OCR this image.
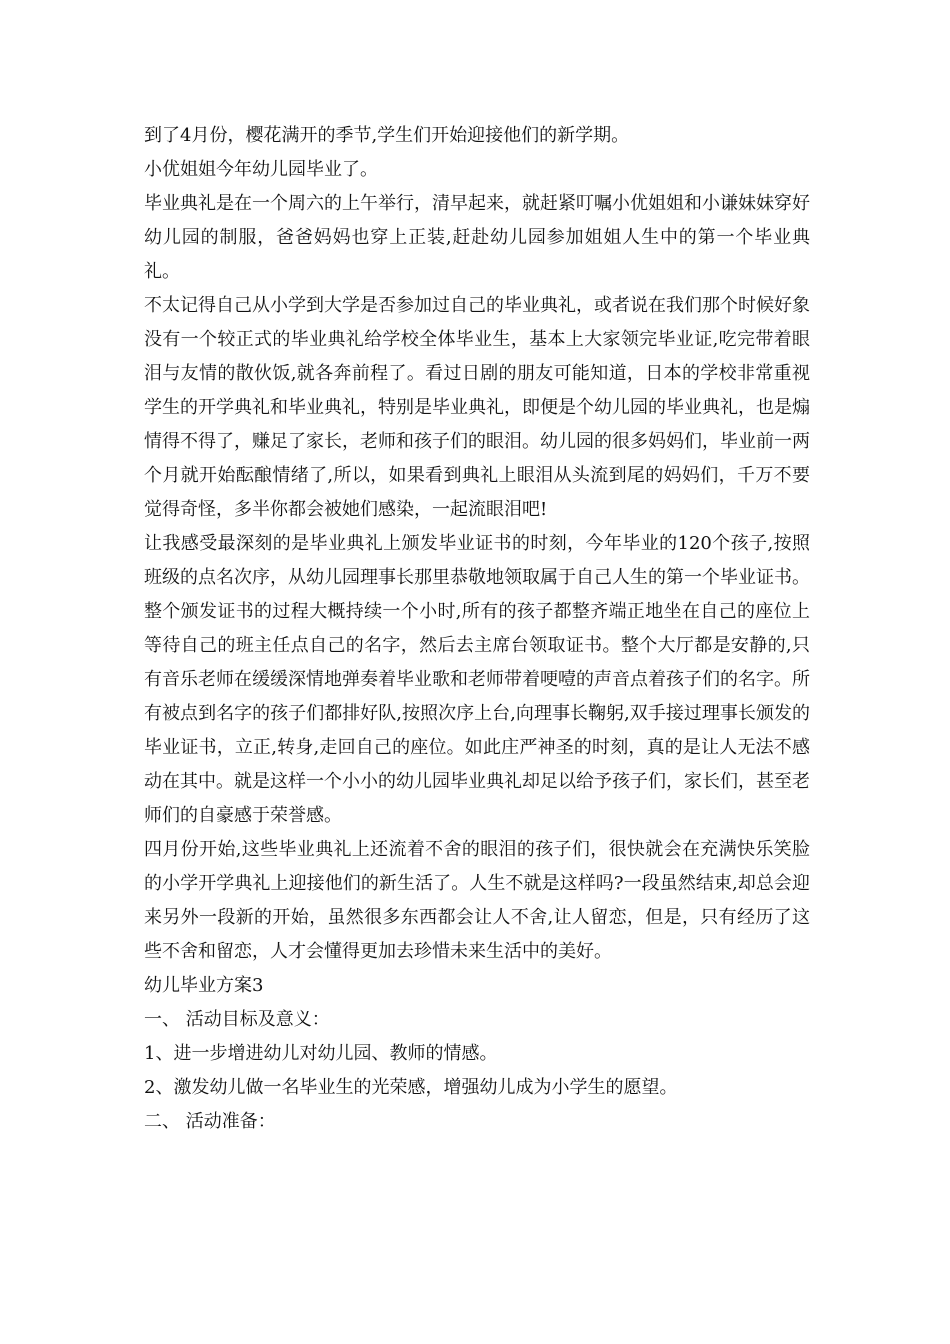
到了4月份，樱花满开的季节,学生们开始迎接他们的新学期。

小优姐姐今年幼儿园毕业了。

毕业典礼是在一个周六的上午举行，清早起来，就赶紧叮嘱小优姐姐和小谦妹妹穿好幼儿园的制服，爸爸妈妈也穿上正装,赶赴幼儿园参加姐姐人生中的第一个毕业典礼。

不太记得自己从小学到大学是否参加过自己的毕业典礼，或者说在我们那个时候好象没有一个较正式的毕业典礼给学校全体毕业生，基本上大家领完毕业证,吃完带着眼泪与友情的散伙饭,就各奔前程了。看过日剧的朋友可能知道，日本的学校非常重视学生的开学典礼和毕业典礼，特别是毕业典礼，即便是个幼儿园的毕业典礼，也是煽情得不得了，赚足了家长，老师和孩子们的眼泪。幼儿园的很多妈妈们，毕业前一两个月就开始酝酿情绪了,所以，如果看到典礼上眼泪从头流到尾的妈妈们，千万不要觉得奇怪，多半你都会被她们感染，一起流眼泪吧!

让我感受最深刻的是毕业典礼上颁发毕业证书的时刻，今年毕业的120个孩子,按照班级的点名次序，从幼儿园理事长那里恭敬地领取属于自己人生的第一个毕业证书。整个颁发证书的过程大概持续一个小时,所有的孩子都整齐端正地坐在自己的座位上等待自己的班主任点自己的名字，然后去主席台领取证书。整个大厅都是安静的,只有音乐老师在缓缓深情地弹奏着毕业歌和老师带着哽噎的声音点着孩子们的名字。所有被点到名字的孩子们都排好队,按照次序上台,向理事长鞠躬,双手接过理事长颁发的毕业证书，立正,转身,走回自己的座位。如此庄严神圣的时刻，真的是让人无法不感动在其中。就是这样一个小小的幼儿园毕业典礼却足以给予孩子们，家长们，甚至老师们的自豪感于荣誉感。

四月份开始,这些毕业典礼上还流着不舍的眼泪的孩子们，很快就会在充满快乐笑脸的小学开学典礼上迎接他们的新生活了。人生不就是这样吗?一段虽然结束,却总会迎来另外一段新的开始，虽然很多东西都会让人不舍,让人留恋，但是，只有经历了这些不舍和留恋，人才会懂得更加去珍惜未来生活中的美好。

幼儿毕业方案3

一、 活动目标及意义：

1、进一步增进幼儿对幼儿园、教师的情感。

2、激发幼儿做一名毕业生的光荣感，增强幼儿成为小学生的愿望。

二、 活动准备：
